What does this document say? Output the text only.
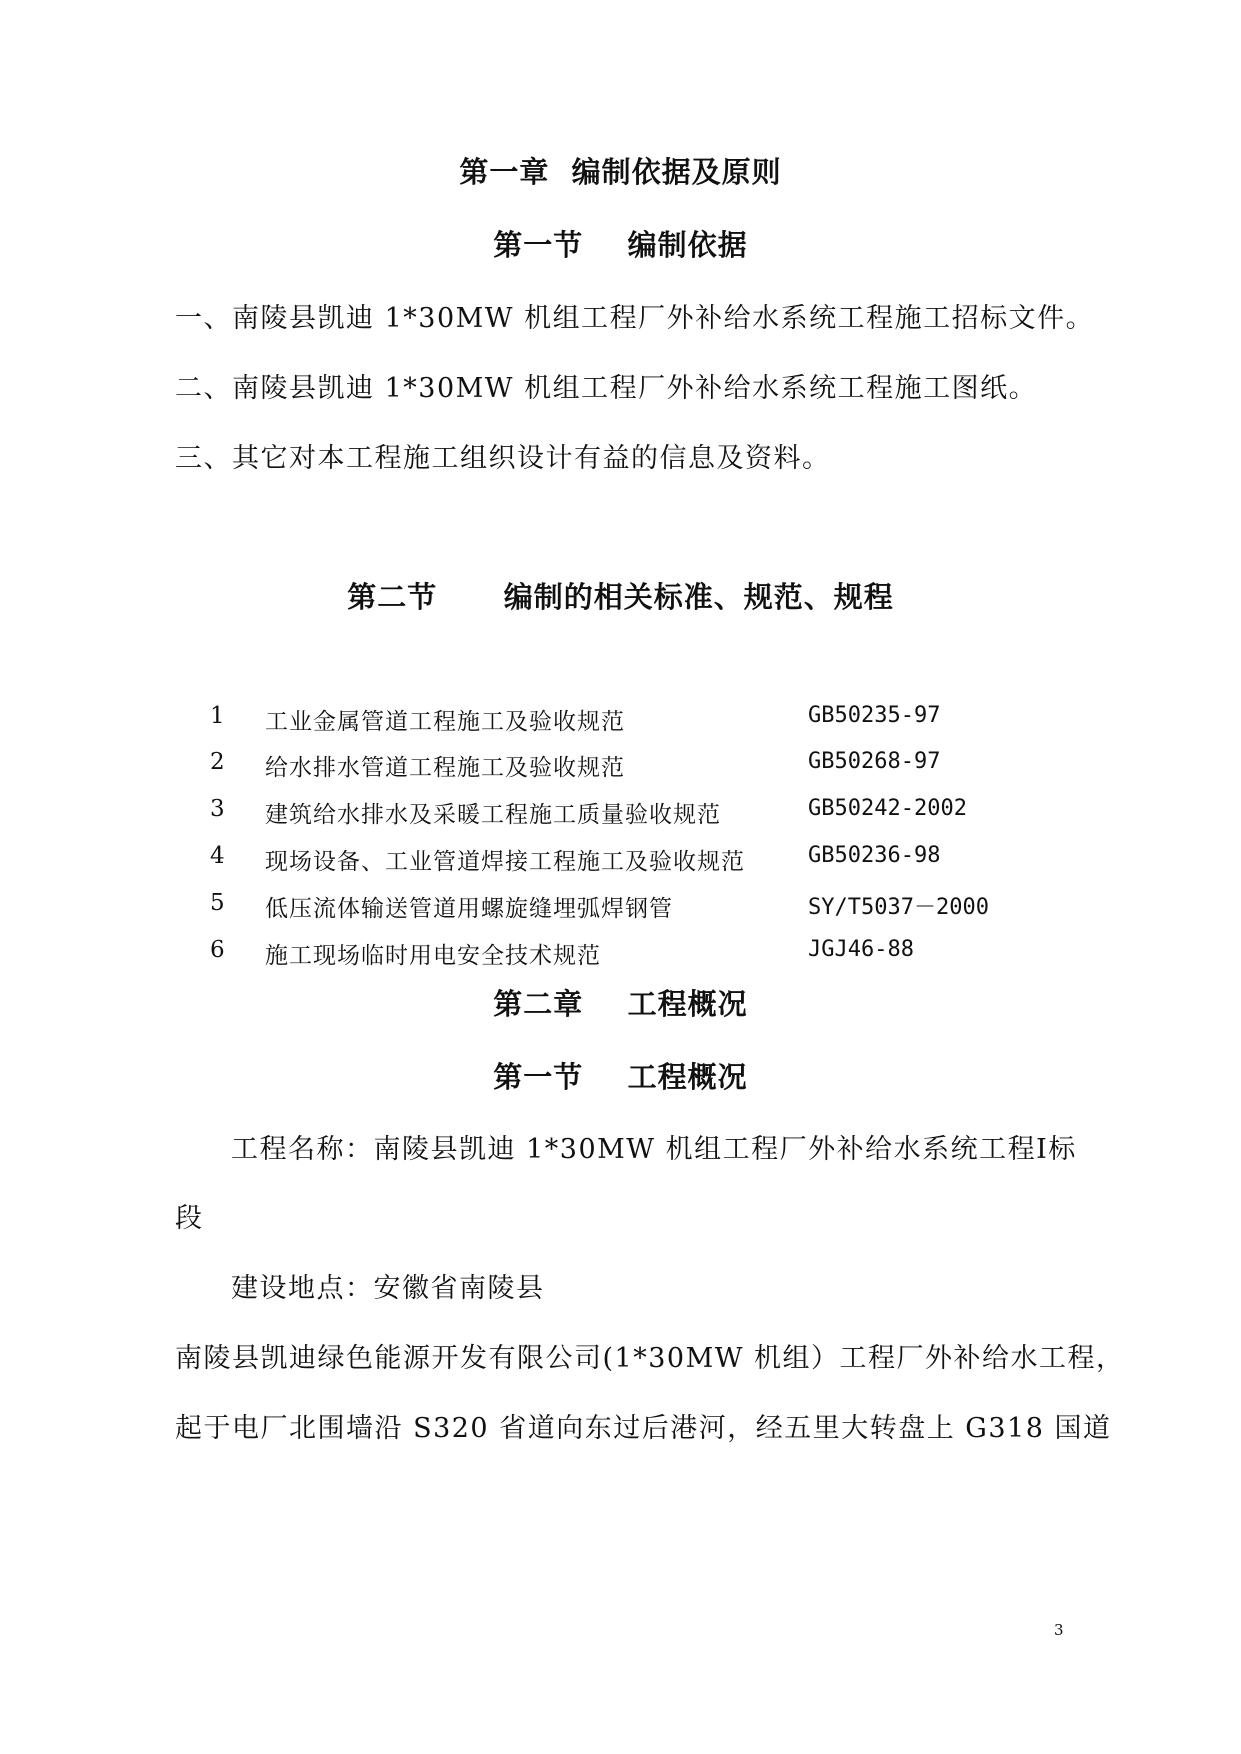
第一章  编制依据及原则
第一节    编制依据
一、南陵县凯迪 1*30MW 机组工程厂外补给水系统工程施工招标文件。
二、南陵县凯迪 1*30MW 机组工程厂外补给水系统工程施工图纸。
三、其它对本工程施工组织设计有益的信息及资料。
第二节      编制的相关标准、规范、规程
1 工业金属管道工程施工及验收规范	GB50235-97
2 给水排水管道工程施工及验收规范	GB50268-97
3 建筑给水排水及采暖工程施工质量验收规范	GB50242-2002
4 现场设备、工业管道焊接工程施工及验收规范	GB50236-98
5 低压流体输送管道用螺旋缝埋弧焊钢管	SY/T5037－2000
6 施工现场临时用电安全技术规范	JGJ46-88
第二章    工程概况
第一节    工程概况
工程名称：南陵县凯迪 1*30MW 机组工程厂外补给水系统工程Ⅰ标
段
建设地点：安徽省南陵县
南陵县凯迪绿色能源开发有限公司(1*30MW 机组）工程厂外补给水工程，
起于电厂北围墙沿 S320 省道向东过后港河，经五里大转盘上 G318 国道
3
